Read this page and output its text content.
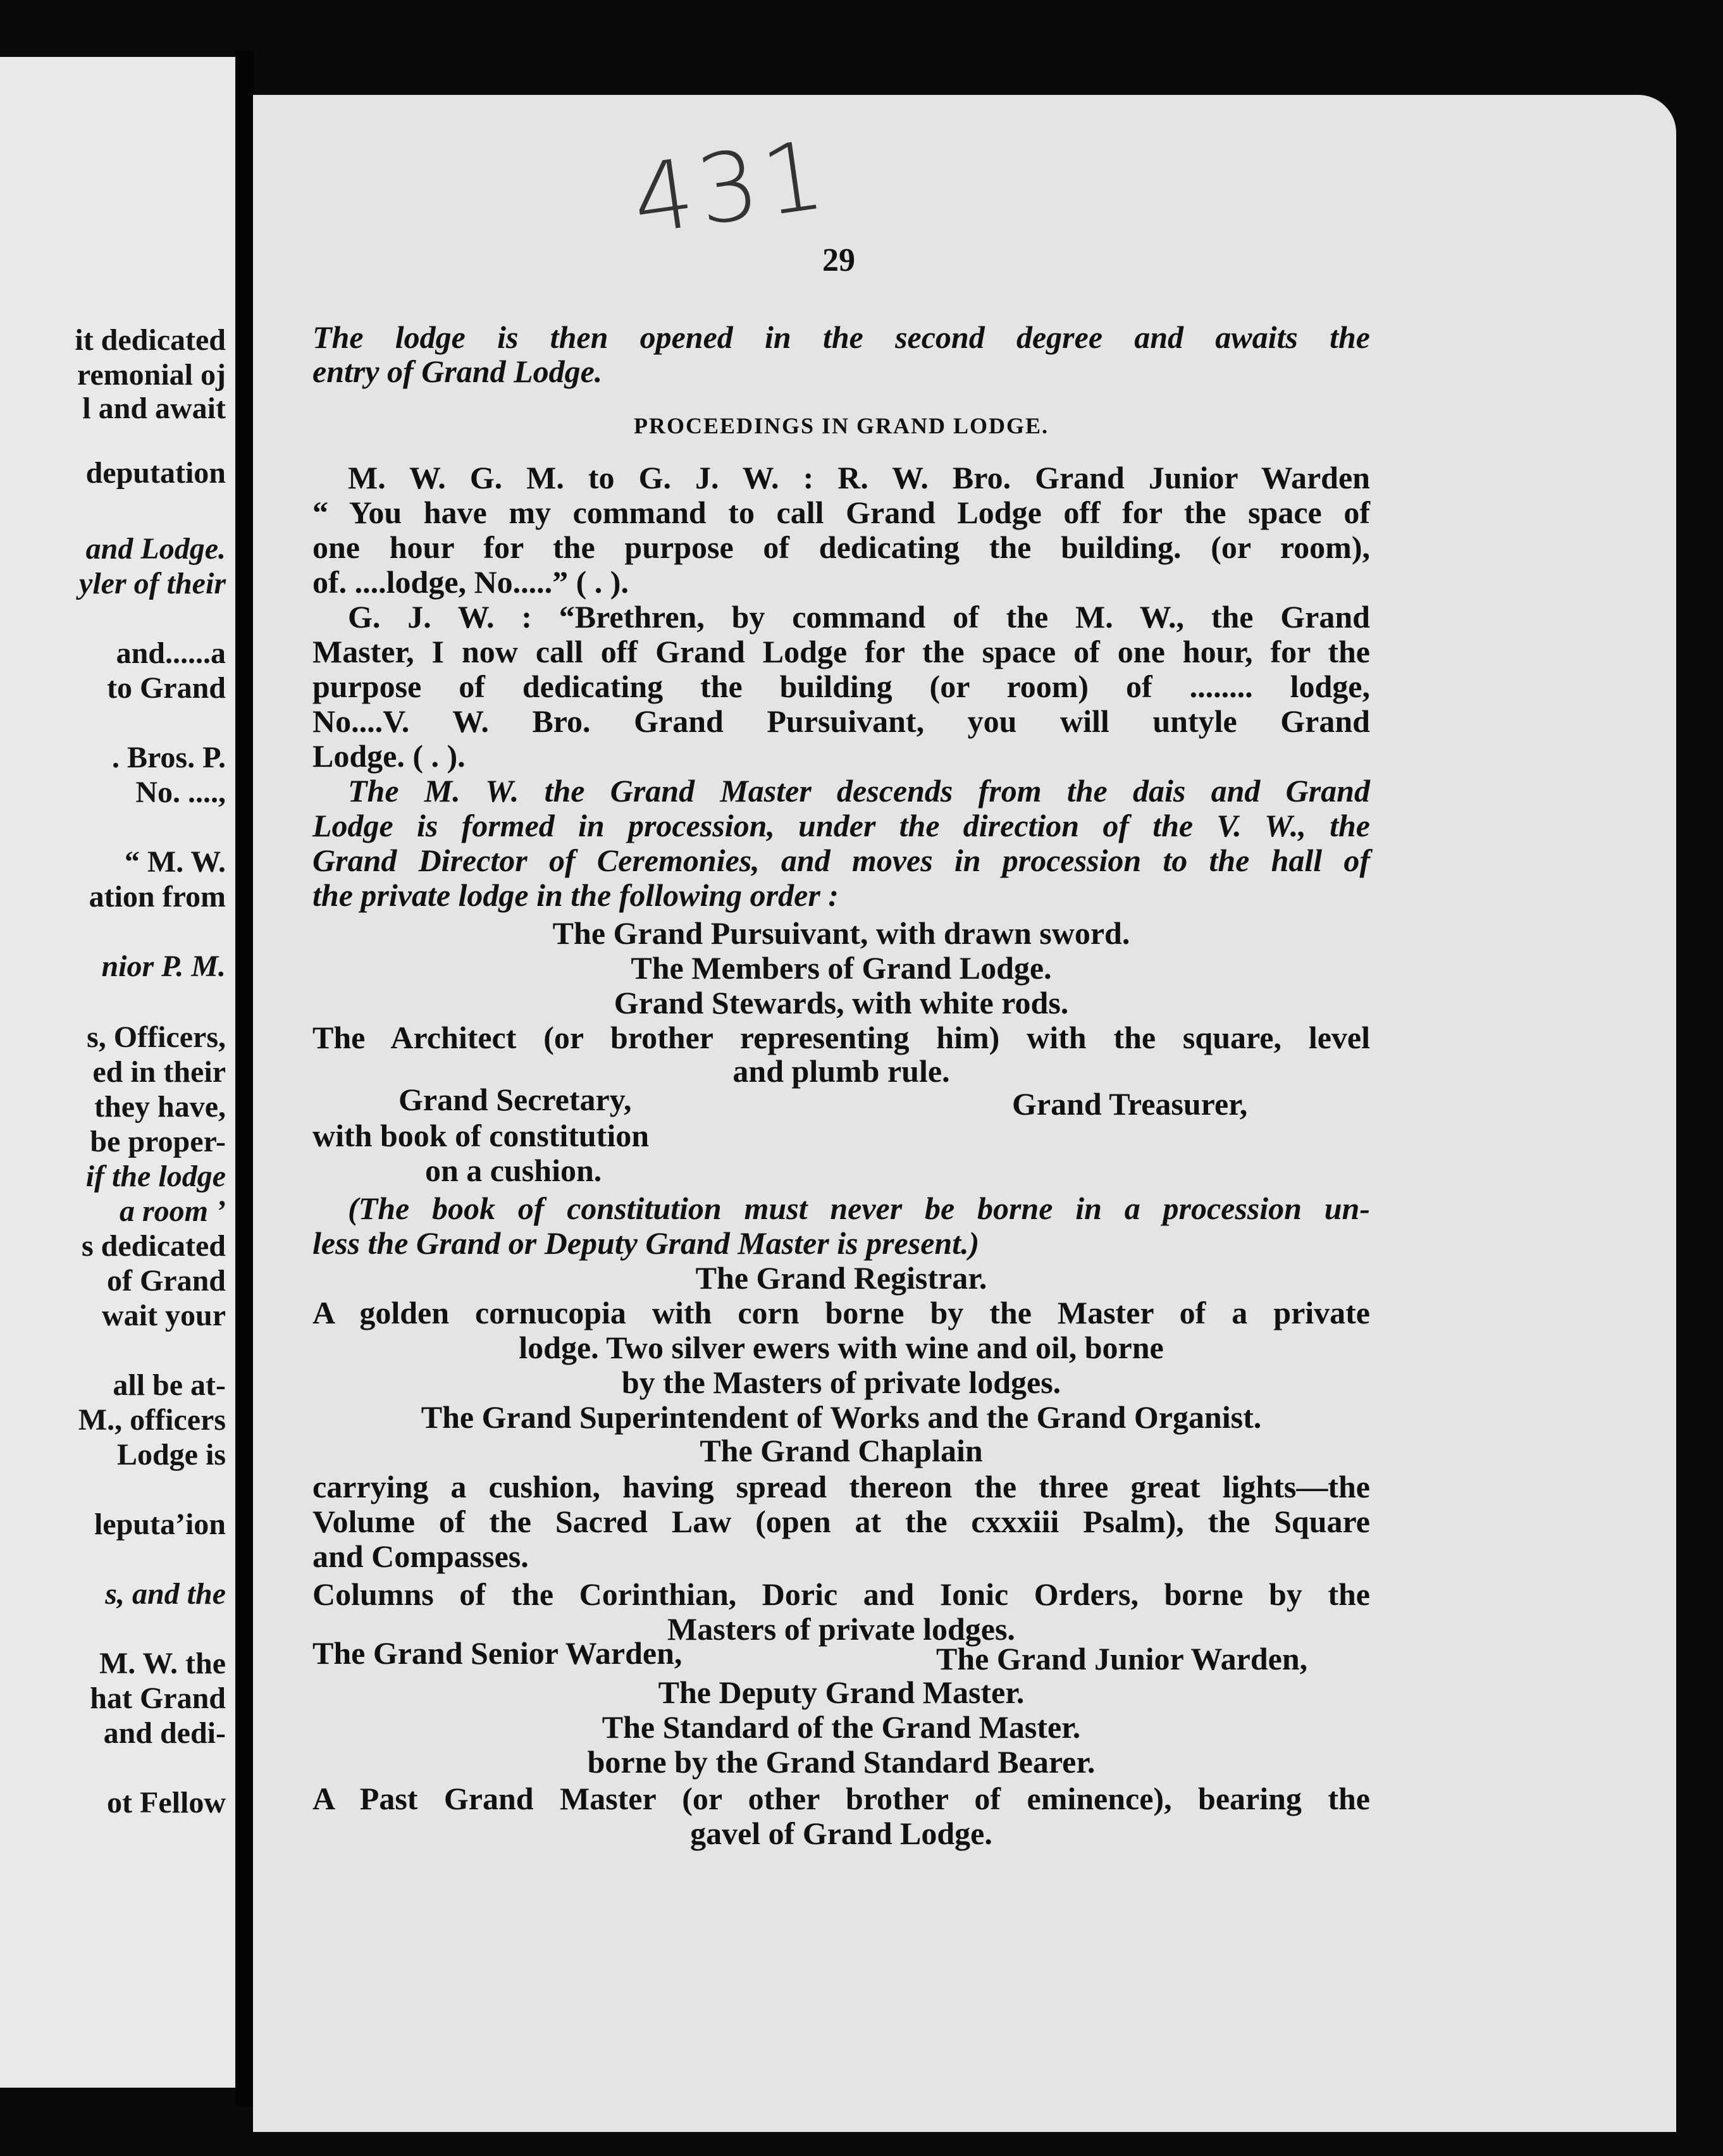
it dedicated
remonial oj
l and await
deputation
and Lodge.
yler of their
and......a
to Grand
. Bros. P.
No. ....,
“ M. W.
ation from
nior P. M.
s, Officers,
ed in their
they have,
be proper-
if the lodge
a room ’
s dedicated
of Grand
wait your
all be at-
M., officers
Lodge is
leputa’ion
s, and the
M. W. the
hat Grand
and dedi-
ot Fellow
431
29
The lodge is then opened in the second degree and awaits the
entry of Grand Lodge.
PROCEEDINGS IN GRAND LODGE.
M. W. G. M. to G. J. W. : R. W. Bro. Grand Junior Warden
“ You have my command to call Grand Lodge off for the space of
one hour for the purpose of dedicating the building. (or room),
of. ....lodge, No.....” ( . ).
G. J. W. : “Brethren, by command of the M. W., the Grand
Master, I now call off Grand Lodge for the space of one hour, for the
purpose of dedicating the building (or room) of ........ lodge,
No....V. W. Bro. Grand Pursuivant, you will untyle Grand
Lodge. ( . ).
The M. W. the Grand Master descends from the dais and Grand
Lodge is formed in procession, under the direction of the V. W., the
Grand Director of Ceremonies, and moves in procession to the hall of
the private lodge in the following order :
The Grand Pursuivant, with drawn sword.
The Members of Grand Lodge.
Grand Stewards, with white rods.
The Architect (or brother representing him) with the square, level
and plumb rule.
with book of constitution
on a cushion.
(The book of constitution must never be borne in a procession un-
less the Grand or Deputy Grand Master is present.)
The Grand Registrar.
A golden cornucopia with corn borne by the Master of a private
lodge. Two silver ewers with wine and oil, borne
by the Masters of private lodges.
The Grand Superintendent of Works and the Grand Organist.
The Grand Chaplain
carrying a cushion, having spread thereon the three great lights—the
Volume of the Sacred Law (open at the cxxxiii Psalm), the Square
and Compasses.
Columns of the Corinthian, Doric and Ionic Orders, borne by the
Masters of private lodges.
The Deputy Grand Master.
The Standard of the Grand Master.
borne by the Grand Standard Bearer.
A Past Grand Master (or other brother of eminence), bearing the
gavel of Grand Lodge.
Grand Secretary,	Grand Treasurer,
The Grand Senior Warden,	The Grand Junior Warden,
